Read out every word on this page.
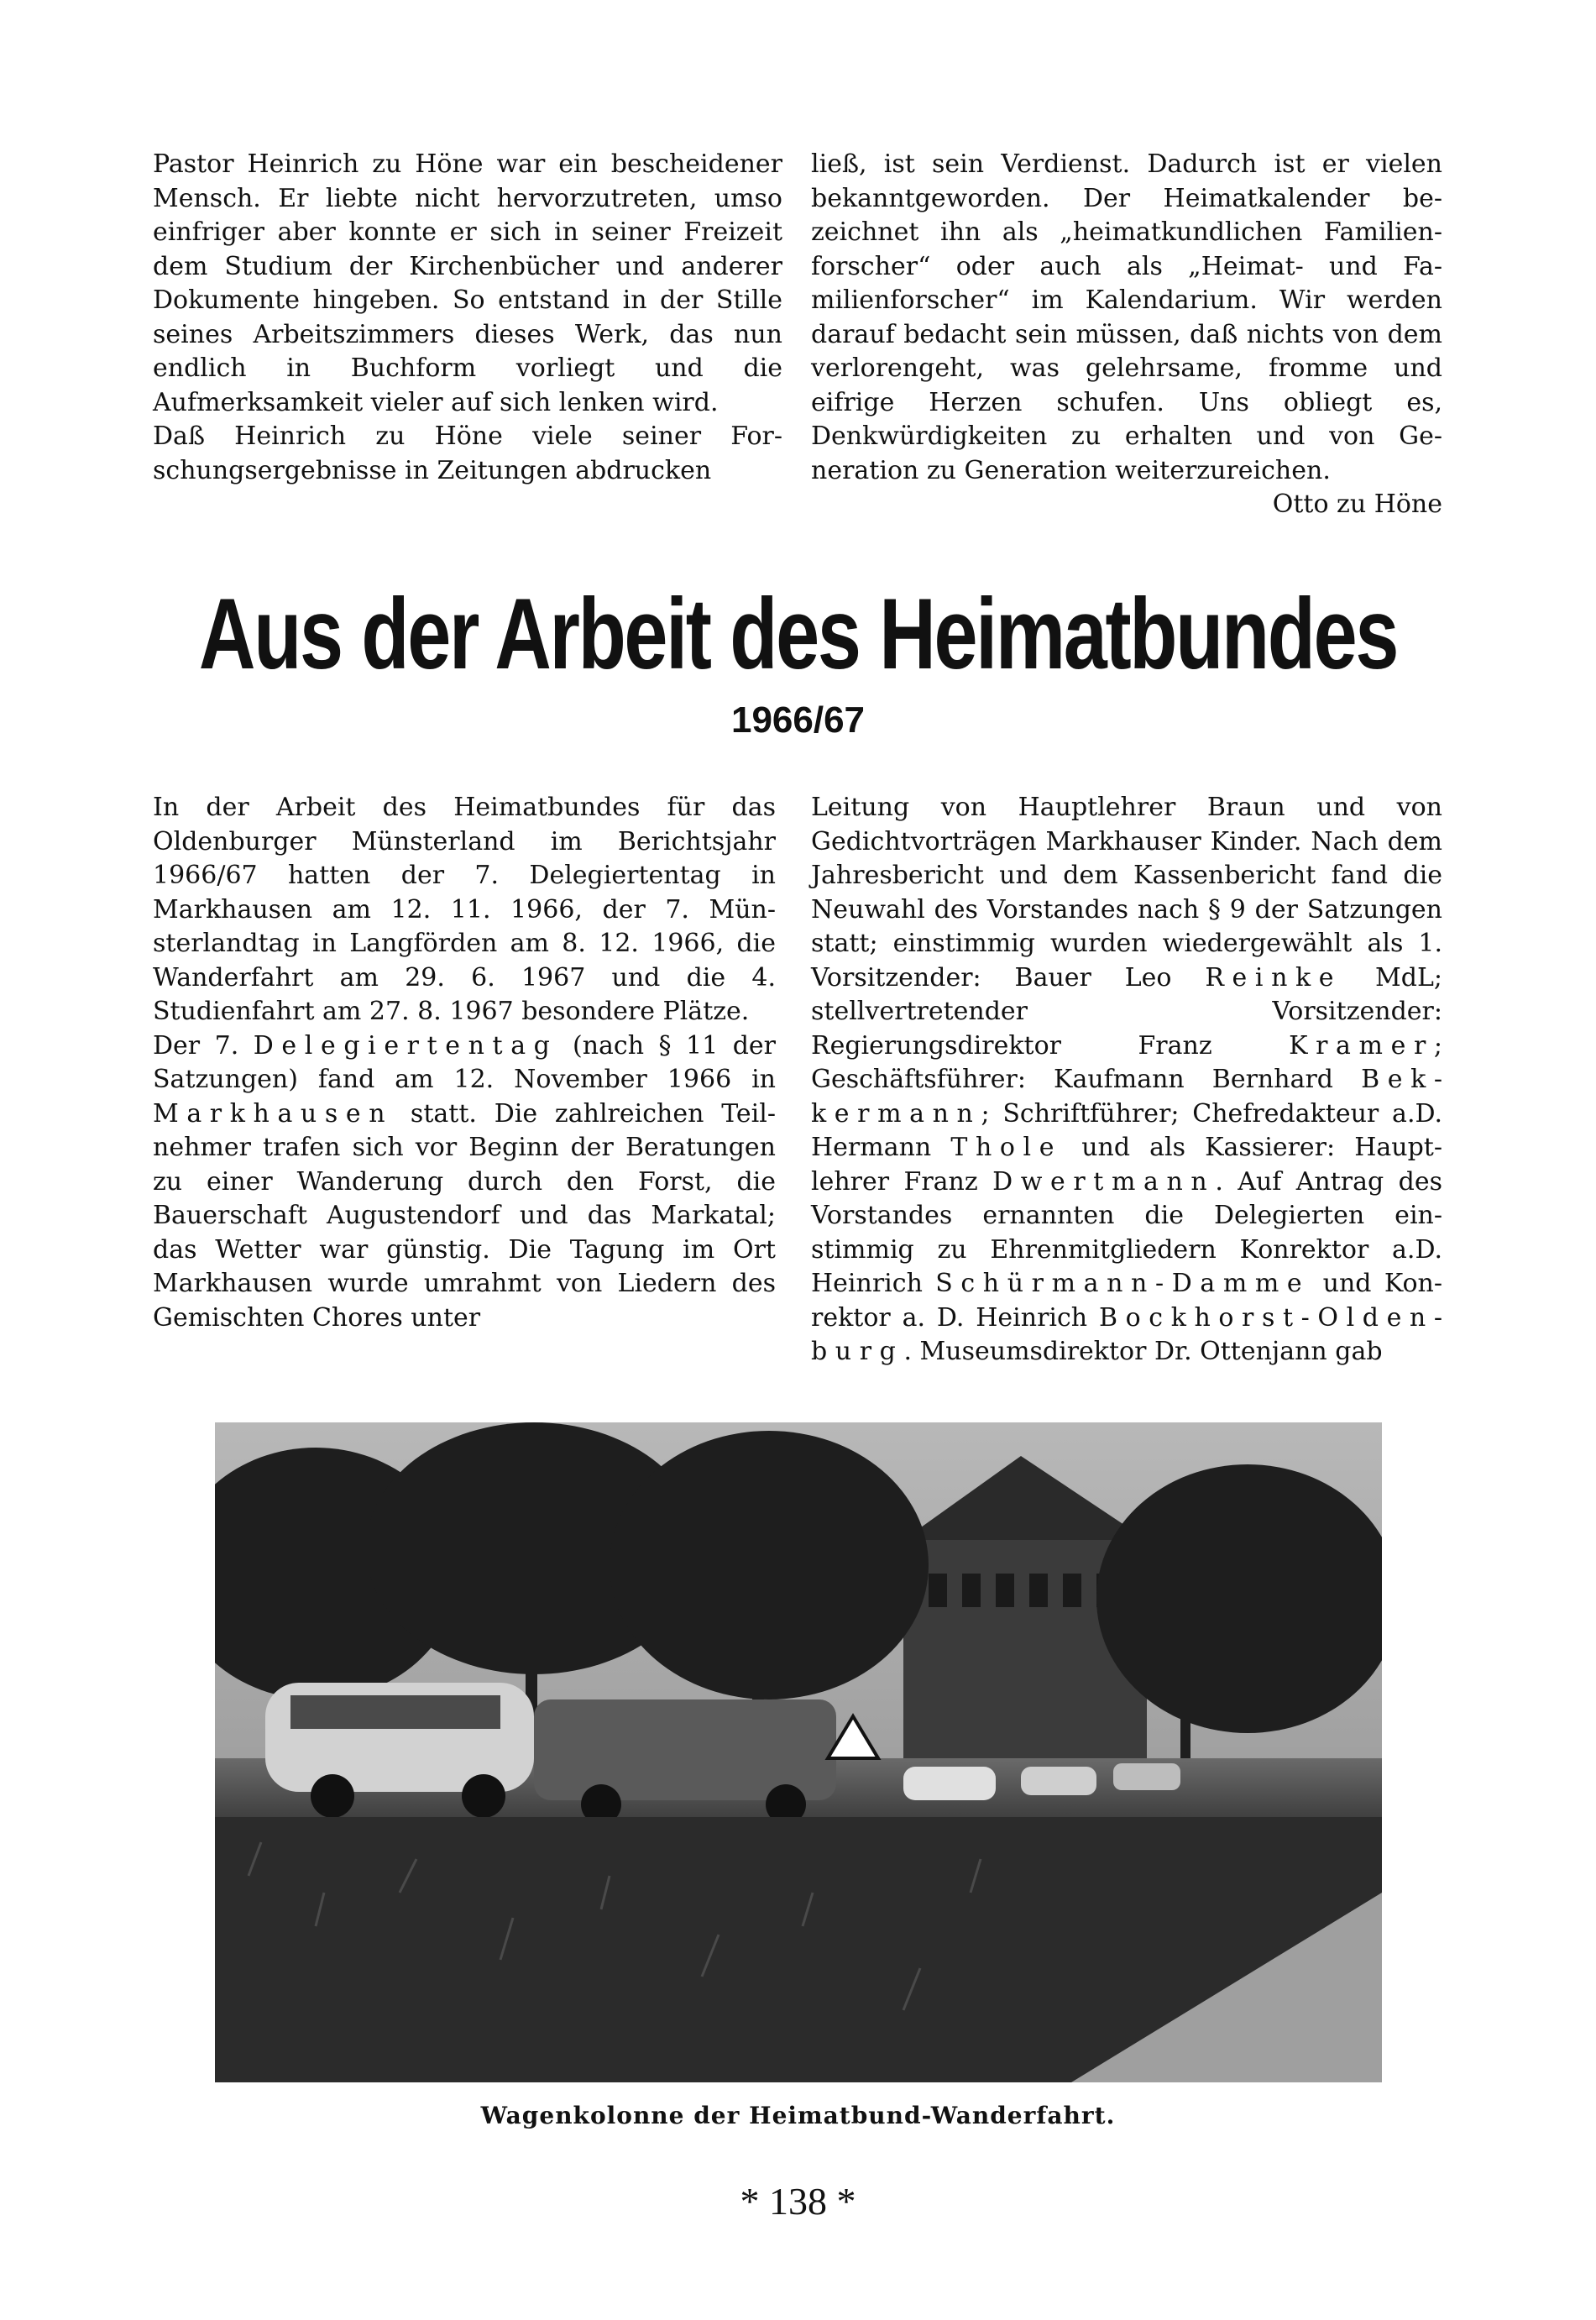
Pastor Heinrich zu Höne war ein bescheidener Mensch. Er liebte nicht hervorzutreten, umso einfriger aber konnte er sich in seiner Freizeit dem Studium der Kirchenbücher und anderer Dokumente hingeben. So entstand in der Stille seines Arbeitszimmers dieses Werk, das nun endlich in Buchform vorliegt und die Aufmerksamkeit vieler auf sich lenken wird.

Daß Heinrich zu Höne viele seiner Forschungsergebnisse in Zeitungen abdrucken

ließ, ist sein Verdienst. Dadurch ist er vielen bekanntgeworden. Der Heimatkalender bezeichnet ihn als „heimatkundlichen Familienforscher“ oder auch als „Heimat- und Familienforscher“ im Kalendarium. Wir werden darauf bedacht sein müssen, daß nichts von dem verlorengeht, was gelehrsame, fromme und eifrige Herzen schufen. Uns obliegt es, Denkwürdigkeiten zu erhalten und von Generation zu Generation weiterzureichen.

Otto zu Höne

Aus der Arbeit des Heimatbundes
1966/67

In der Arbeit des Heimatbundes für das Oldenburger Münsterland im Berichtsjahr 1966/67 hatten der 7. Delegiertentag in Markhausen am 12. 11. 1966, der 7. Münsterlandtag in Langförden am 8. 12. 1966, die Wanderfahrt am 29. 6. 1967 und die 4. Studienfahrt am 27. 8. 1967 besondere Plätze.

Der 7. Delegiertentag (nach § 11 der Satzungen) fand am 12. November 1966 in Markhausen statt. Die zahlreichen Teilnehmer trafen sich vor Beginn der Beratungen zu einer Wanderung durch den Forst, die Bauerschaft Augustendorf und das Markatal; das Wetter war günstig. Die Tagung im Ort Markhausen wurde umrahmt von Liedern des Gemischten Chores unter

Leitung von Hauptlehrer Braun und von Gedichtvorträgen Markhauser Kinder. Nach dem Jahresbericht und dem Kassenbericht fand die Neuwahl des Vorstandes nach § 9 der Satzungen statt; einstimmig wurden wiedergewählt als 1. Vorsitzender: Bauer Leo Reinke MdL; stellvertretender Vorsitzender: Regierungsdirektor Franz Kramer; Geschäftsführer: Kaufmann Bernhard Bekkermann; Schriftführer; Chefredakteur a.D. Hermann Thole und als Kassierer: Hauptlehrer Franz Dwertmann. Auf Antrag des Vorstandes ernannten die Delegierten einstimmig zu Ehrenmitgliedern Konrektor a.D. Heinrich Schürmann-Damme und Konrektor a. D. Heinrich Bockhorst-Oldenburg. Museumsdirektor Dr. Ottenjann gab

Wagenkolonne der Heimatbund-Wanderfahrt.
* 138 *
